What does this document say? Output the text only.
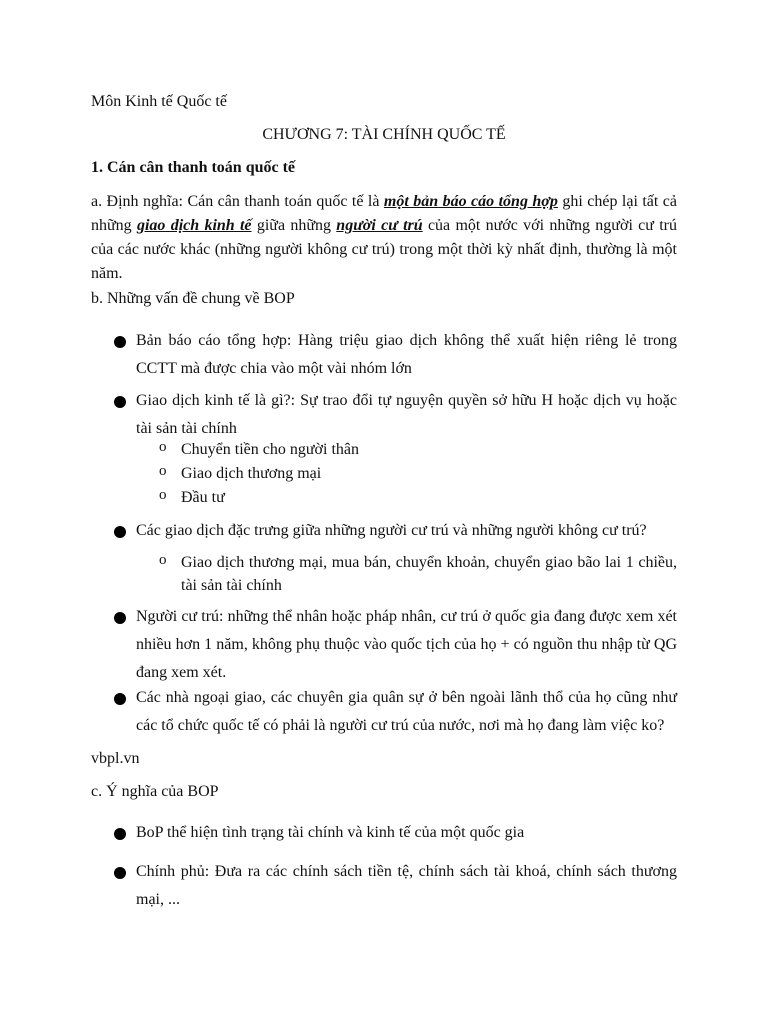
Môn Kinh tế Quốc tế
CHƯƠNG 7: TÀI CHÍNH QUỐC TẾ
1. Cán cân thanh toán quốc tế
a. Định nghĩa: Cán cân thanh toán quốc tế là một bản báo cáo tổng hợp ghi chép lại tất cả những giao dịch kinh tế giữa những người cư trú của một nước với những người cư trú của các nước khác (những người không cư trú) trong một thời kỳ nhất định, thường là một năm.
b. Những vấn đề chung về BOP
Bản báo cáo tổng hợp: Hàng triệu giao dịch không thể xuất hiện riêng lẻ trong CCTT mà được chia vào một vài nhóm lớn
Giao dịch kinh tế là gì?: Sự trao đổi tự nguyện quyền sở hữu H hoặc dịch vụ hoặc tài sản tài chính
o Chuyển tiền cho người thân
o Giao dịch thương mại
o Đầu tư
Các giao dịch đặc trưng giữa những người cư trú và những người không cư trú?
o Giao dịch thương mại, mua bán, chuyển khoản, chuyển giao bão lai 1 chiều, tài sản tài chính
Người cư trú: những thể nhân hoặc pháp nhân, cư trú ở quốc gia đang được xem xét nhiều hơn 1 năm, không phụ thuộc vào quốc tịch của họ + có nguồn thu nhập từ QG đang xem xét.
Các nhà ngoại giao, các chuyên gia quân sự ở bên ngoài lãnh thổ của họ cũng như các tổ chức quốc tế có phải là người cư trú của nước, nơi mà họ đang làm việc ko?
vbpl.vn
c. Ý nghĩa của BOP
BoP thể hiện tình trạng tài chính và kinh tế của một quốc gia
Chính phủ: Đưa ra các chính sách tiền tệ, chính sách tài khoá, chính sách thương mại, ...
